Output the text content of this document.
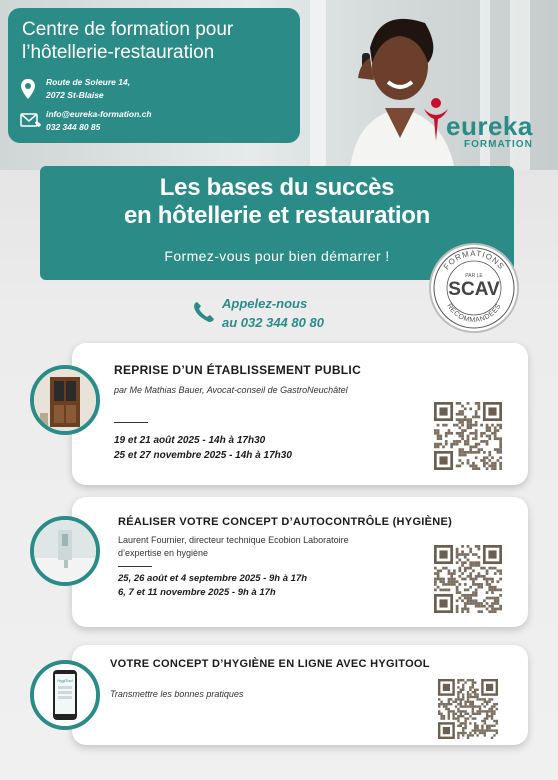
Centre de formation pour
l’hôtellerie-restauration
Route de Soleure 14,
2072 St-Blaise
info@eureka-formation.ch
032 344 80 85	eureka
FORMATION
Les bases du succès
en hôtellerie et restauration
Formez-vous pour bien démarrer !
FORMATIONS
RECOMMANDÉES
PAR LE
SCAV
Appelez-nous
au 032 344 80 80
REPRISE D’UN ÉTABLISSEMENT PUBLIC
par Me Mathias Bauer, Avocat-conseil de GastroNeuchâtel
19 et 21 août 2025 - 14h à 17h30
25 et 27 novembre 2025 - 14h à 17h30
RÉALISER VOTRE CONCEPT D’AUTOCONTRÔLE (HYGIÈNE)
Laurent Fournier, directeur technique Ecobion Laboratoire
d’expertise en hygiène
25, 26 août et 4 septembre 2025 - 9h à 17h
6, 7 et 11 novembre 2025 - 9h à 17h
VOTRE CONCEPT D’HYGIÈNE EN LIGNE AVEC HYGITOOL
Transmettre les bonnes pratiques
HygiTool
